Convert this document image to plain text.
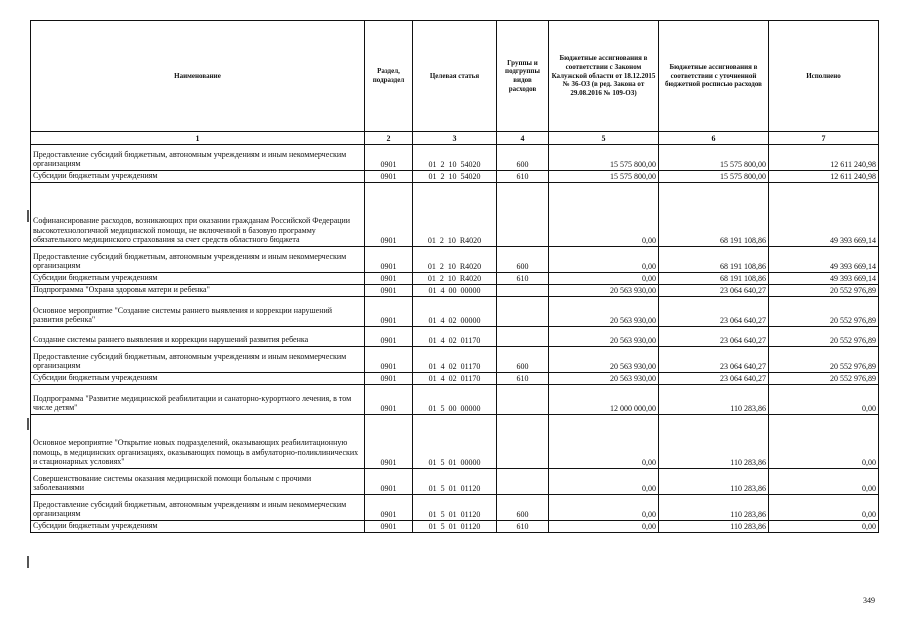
Наименование	Раздел, подраздел	Целевая статья	Группы и подгруппы видов расходов	Бюджетные ассигнования в соответствии с Законом Калужской области от 18.12.2015 № 36-ОЗ (в ред. Закона от 29.08.2016 № 109-ОЗ)	Бюджетные ассигнования в соответствии с уточненной бюджетной росписью расходов	Исполнено
1	2	3	4	5	6	7
Предоставление субсидий бюджетным, автономным учреждениям и иным некоммерческим организациям	0901	01  2  10  54020	600	15 575 800,00	15 575 800,00	12 611 240,98
Субсидии бюджетным учреждениям	0901	01  2  10  54020	610	15 575 800,00	15 575 800,00	12 611 240,98
Софинансирование расходов, возникающих при оказании гражданам Российской Федерации высокотехнологичной медицинской помощи, не включенной в базовую программу обязательного медицинского страхования за счет средств областного бюджета	0901	01  2  10  R4020		0,00	68 191 108,86	49 393 669,14
Предоставление субсидий бюджетным, автономным учреждениям и иным некоммерческим организациям	0901	01  2  10  R4020	600	0,00	68 191 108,86	49 393 669,14
Субсидии бюджетным учреждениям	0901	01  2  10  R4020	610	0,00	68 191 108,86	49 393 669,14
Подпрограмма "Охрана здоровья матери и ребенка"	0901	01  4  00  00000		20 563 930,00	23 064 640,27	20 552 976,89
Основное мероприятие "Создание системы раннего выявления и коррекции нарушений развития ребенка"	0901	01  4  02  00000		20 563 930,00	23 064 640,27	20 552 976,89
Создание системы раннего выявления и коррекции нарушений развития ребенка	0901	01  4  02  01170		20 563 930,00	23 064 640,27	20 552 976,89
Предоставление субсидий бюджетным, автономным учреждениям и иным некоммерческим организациям	0901	01  4  02  01170	600	20 563 930,00	23 064 640,27	20 552 976,89
Субсидии бюджетным учреждениям	0901	01  4  02  01170	610	20 563 930,00	23 064 640,27	20 552 976,89
Подпрограмма "Развитие медицинской реабилитации и санаторно-курортного лечения, в том числе детям"	0901	01  5  00  00000		12 000 000,00	110 283,86	0,00
Основное мероприятие "Открытие новых подразделений, оказывающих реабилитационную помощь, в медицинских организациях, оказывающих помощь в амбулаторно-поликлинических и стационарных условиях"	0901	01  5  01  00000		0,00	110 283,86	0,00
Совершенствование системы оказания медицинской помощи больным с прочими заболеваниями	0901	01  5  01  01120		0,00	110 283,86	0,00
Предоставление субсидий бюджетным, автономным учреждениям и иным некоммерческим организациям	0901	01  5  01  01120	600	0,00	110 283,86	0,00
Субсидии бюджетным учреждениям	0901	01  5  01  01120	610	0,00	110 283,86	0,00
349
